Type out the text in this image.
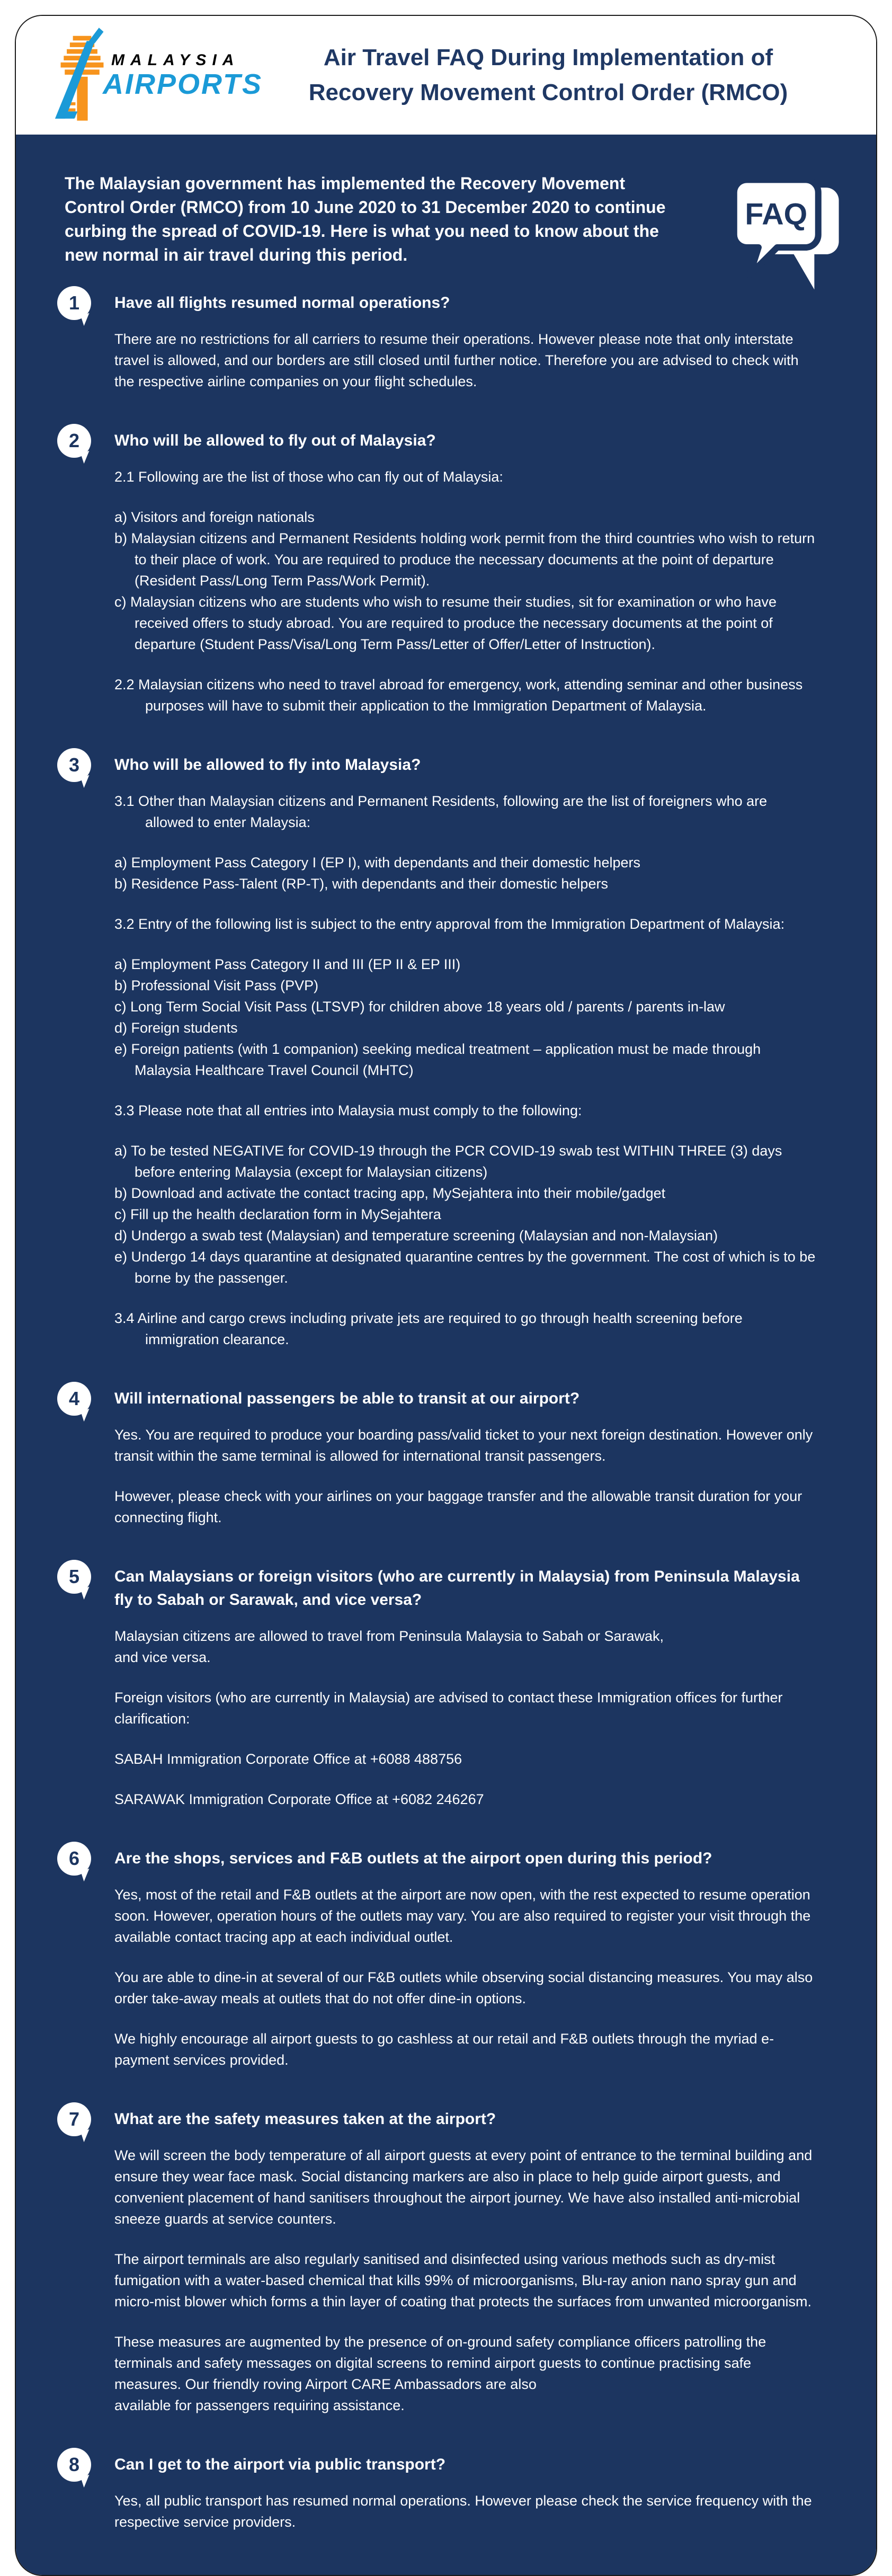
MALAYSIA
AIRPORTS
Air Travel FAQ During Implementation of
Recovery Movement Control Order (RMCO)

The Malaysian government has implemented the Recovery Movement
Control Order (RMCO) from 10 June 2020 to 31 December 2020 to continue
curbing the spread of COVID-19. Here is what you need to know about the
new normal in air travel during this period.

FAQ
1 Have all flights resumed normal operations?

There are no restrictions for all carriers to resume their operations. However please note that only interstate travel is allowed, and our borders are still closed until further notice. Therefore you are advised to check with the respective airline companies on your flight schedules.

2 Who will be allowed to fly out of Malaysia?

2.1 Following are the list of those who can fly out of Malaysia:

a) Visitors and foreign nationals

b) Malaysian citizens and Permanent Residents holding work permit from the third countries who wish to return to their place of work. You are required to produce the necessary documents at the point of departure (Resident Pass/Long Term Pass/Work Permit).

c) Malaysian citizens who are students who wish to resume their studies, sit for examination or who have received offers to study abroad. You are required to produce the necessary documents at the point of departure (Student Pass/Visa/Long Term Pass/Letter of Offer/Letter of Instruction).

2.2 Malaysian citizens who need to travel abroad for emergency, work, attending seminar and other business purposes will have to submit their application to the Immigration Department of Malaysia.

3 Who will be allowed to fly into Malaysia?

3.1 Other than Malaysian citizens and Permanent Residents, following are the list of foreigners who are allowed to enter Malaysia:

a) Employment Pass Category I (EP I), with dependants and their domestic helpers

b) Residence Pass-Talent (RP-T), with dependants and their domestic helpers

3.2 Entry of the following list is subject to the entry approval from the Immigration Department of Malaysia:

a) Employment Pass Category II and III (EP II & EP III)

b) Professional Visit Pass (PVP)

c) Long Term Social Visit Pass (LTSVP) for children above 18 years old / parents / parents in-law

d) Foreign students

e) Foreign patients (with 1 companion) seeking medical treatment – application must be made through Malaysia Healthcare Travel Council (MHTC)

3.3 Please note that all entries into Malaysia must comply to the following:

a) To be tested NEGATIVE for COVID-19 through the PCR COVID-19 swab test WITHIN THREE (3) days before entering Malaysia (except for Malaysian citizens)

b) Download and activate the contact tracing app, MySejahtera into their mobile/gadget

c) Fill up the health declaration form in MySejahtera

d) Undergo a swab test (Malaysian) and temperature screening (Malaysian and non-Malaysian)

e) Undergo 14 days quarantine at designated quarantine centres by the government. The cost of which is to be borne by the passenger.

3.4 Airline and cargo crews including private jets are required to go through health screening before immigration clearance.

4 Will international passengers be able to transit at our airport?

Yes. You are required to produce your boarding pass/valid ticket to your next foreign destination. However only transit within the same terminal is allowed for international transit passengers.

However, please check with your airlines on your baggage transfer and the allowable transit duration for your connecting flight.

5 Can Malaysians or foreign visitors (who are currently in Malaysia) from Peninsula Malaysia fly to Sabah or Sarawak, and vice versa?

Malaysian citizens are allowed to travel from Peninsula Malaysia to Sabah or Sarawak,

and vice versa.

Foreign visitors (who are currently in Malaysia) are advised to contact these Immigration offices for further clarification:

SABAH Immigration Corporate Office at +6088 488756

SARAWAK Immigration Corporate Office at +6082 246267

6 Are the shops, services and F&B outlets at the airport open during this period?

Yes, most of the retail and F&B outlets at the airport are now open, with the rest expected to resume operation soon. However, operation hours of the outlets may vary. You are also required to register your visit through the available contact tracing app at each individual outlet.

You are able to dine-in at several of our F&B outlets while observing social distancing measures. You may also order take-away meals at outlets that do not offer dine-in options.

We highly encourage all airport guests to go cashless at our retail and F&B outlets through the myriad e-payment services provided.

7 What are the safety measures taken at the airport?

We will screen the body temperature of all airport guests at every point of entrance to the terminal building and ensure they wear face mask. Social distancing markers are also in place to help guide airport guests, and convenient placement of hand sanitisers throughout the airport journey. We have also installed anti-microbial sneeze guards at service counters.

The airport terminals are also regularly sanitised and disinfected using various methods such as dry-mist fumigation with a water-based chemical that kills 99% of microorganisms, Blu-ray anion nano spray gun and micro-mist blower which forms a thin layer of coating that protects the surfaces from unwanted microorganism.

These measures are augmented by the presence of on-ground safety compliance officers patrolling the terminals and safety messages on digital screens to remind airport guests to continue practising safe measures. Our friendly roving Airport CARE Ambassadors are also

available for passengers requiring assistance.

8 Can I get to the airport via public transport?

Yes, all public transport has resumed normal operations. However please check the service frequency with the respective service providers.
